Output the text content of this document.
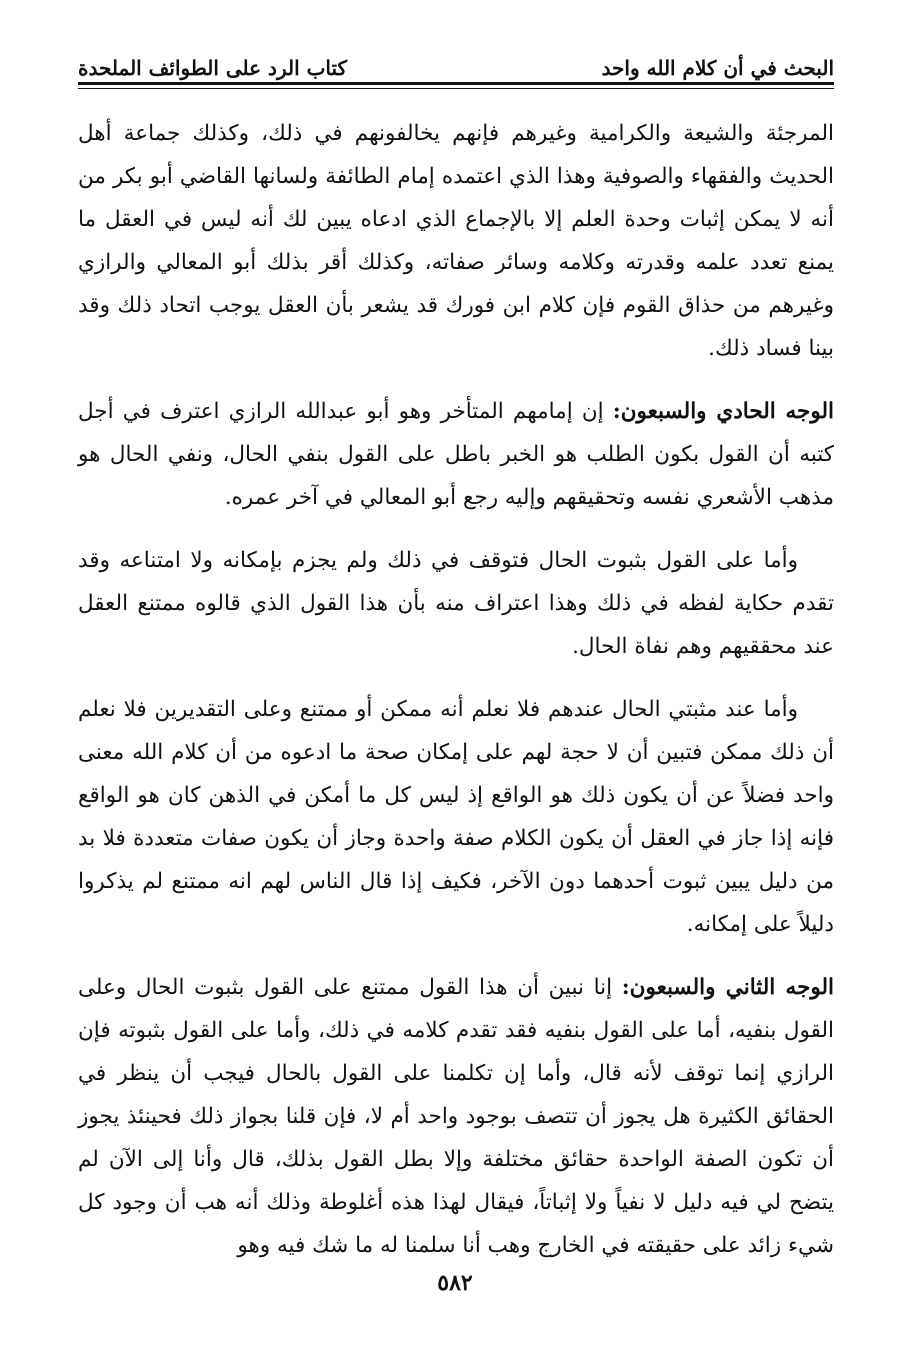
البحث في أن كلام الله واحد
كتاب الرد على الطوائف الملحدة

المرجئة والشيعة والكرامية وغيرهم فإنهم يخالفونهم في ذلك، وكذلك جماعة أهل الحديث والفقهاء والصوفية وهذا الذي اعتمده إمام الطائفة ولسانها القاضي أبو بكر من أنه لا يمكن إثبات وحدة العلم إلا بالإجماع الذي ادعاه يبين لك أنه ليس في العقل ما يمنع تعدد علمه وقدرته وكلامه وسائر صفاته، وكذلك أقر بذلك أبو المعالي والرازي وغيرهم من حذاق القوم فإن كلام ابن فورك قد يشعر بأن العقل يوجب اتحاد ذلك وقد بينا فساد ذلك.

الوجه الحادي والسبعون: إن إمامهم المتأخر وهو أبو عبدالله الرازي اعترف في أجل كتبه أن القول بكون الطلب هو الخبر باطل على القول بنفي الحال، ونفي الحال هو مذهب الأشعري نفسه وتحقيقهم وإليه رجع أبو المعالي في آخر عمره.

وأما على القول بثبوت الحال فتوقف في ذلك ولم يجزم بإمكانه ولا امتناعه وقد تقدم حكاية لفظه في ذلك وهذا اعتراف منه بأن هذا القول الذي قالوه ممتنع العقل عند محققيهم وهم نفاة الحال.

وأما عند مثبتي الحال عندهم فلا نعلم أنه ممكن أو ممتنع وعلى التقديرين فلا نعلم أن ذلك ممكن فتبين أن لا حجة لهم على إمكان صحة ما ادعوه من أن كلام الله معنى واحد فضلاً عن أن يكون ذلك هو الواقع إذ ليس كل ما أمكن في الذهن كان هو الواقع فإنه إذا جاز في العقل أن يكون الكلام صفة واحدة وجاز أن يكون صفات متعددة فلا بد من دليل يبين ثبوت أحدهما دون الآخر، فكيف إذا قال الناس لهم انه ممتنع لم يذكروا دليلاً على إمكانه.

الوجه الثاني والسبعون: إنا نبين أن هذا القول ممتنع على القول بثبوت الحال وعلى القول بنفيه، أما على القول بنفيه فقد تقدم كلامه في ذلك، وأما على القول بثبوته فإن الرازي إنما توقف لأنه قال، وأما إن تكلمنا على القول بالحال فيجب أن ينظر في الحقائق الكثيرة هل يجوز أن تتصف بوجود واحد أم لا، فإن قلنا بجواز ذلك فحينئذ يجوز أن تكون الصفة الواحدة حقائق مختلفة وإلا بطل القول بذلك، قال وأنا إلى الآن لم يتضح لي فيه دليل لا نفياً ولا إثباتاً، فيقال لهذا هذه أغلوطة وذلك أنه هب أن وجود كل شيء زائد على حقيقته في الخارج وهب أنا سلمنا له ما شك فيه وهو

٥٨٢
